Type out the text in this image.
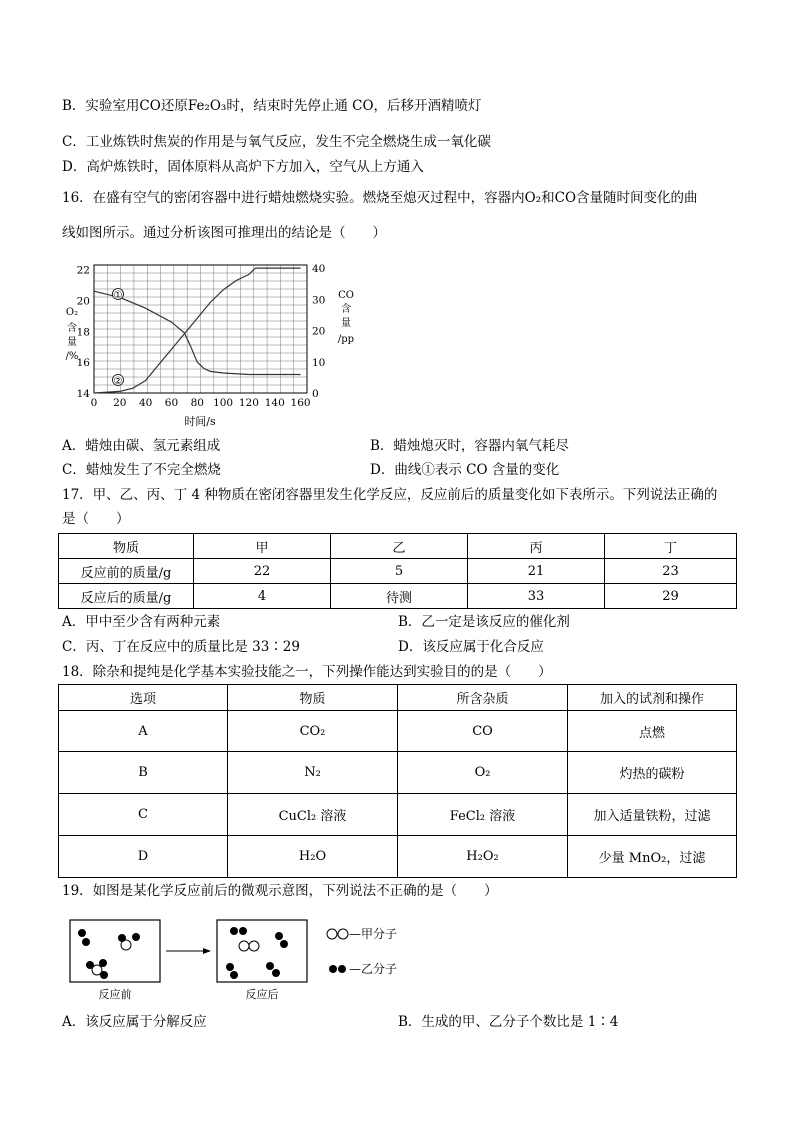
B．实验室用CO还原Fe₂O₃时，结束时先停止通 CO，后移开酒精喷灯
C．工业炼铁时焦炭的作用是与氧气反应，发生不完全燃烧生成一氧化碳
D．高炉炼铁时，固体原料从高炉下方加入，空气从上方通入
16．在盛有空气的密闭容器中进行蜡烛燃烧实验。燃烧至熄灭过程中，容器内O₂和CO含量随时间变化的曲
线如图所示。通过分析该图可推理出的结论是（　　）
0 20 40 60 80 100 120 140 160
14
16
18
20
22
0
10
20
30
40
O₂
含
量
/%
CO
含
量
/pp
①
②
时间/s
A．蜡烛由碳、氢元素组成	B．蜡烛熄灭时，容器内氧气耗尽
C．蜡烛发生了不完全燃烧	D．曲线①表示 CO 含量的变化
17．甲、乙、丙、丁 4 种物质在密闭容器里发生化学反应，反应前后的质量变化如下表所示。下列说法正确的
是（　　）
物质	甲	乙	丙	丁
反应前的质量/g	22	5	21	23
反应后的质量/g	4	待测	33	29
A．甲中至少含有两种元素	B．乙一定是该反应的催化剂
C．丙、丁在反应中的质量比是 33∶29	D．该反应属于化合反应
18．除杂和提纯是化学基本实验技能之一，下列操作能达到实验目的的是（　　）
选项	物质	所含杂质	加入的试剂和操作
A	CO₂	CO	点燃
B	N₂	O₂	灼热的碳粉
C	CuCl₂ 溶液	FeCl₂ 溶液	加入适量铁粉，过滤
D	H₂O	H₂O₂	少量 MnO₂，过滤
19．如图是某化学反应前后的微观示意图，下列说法不正确的是（　　）
反应前	反应后
—甲分子
—乙分子
A．该反应属于分解反应	B．生成的甲、乙分子个数比是 1∶4
